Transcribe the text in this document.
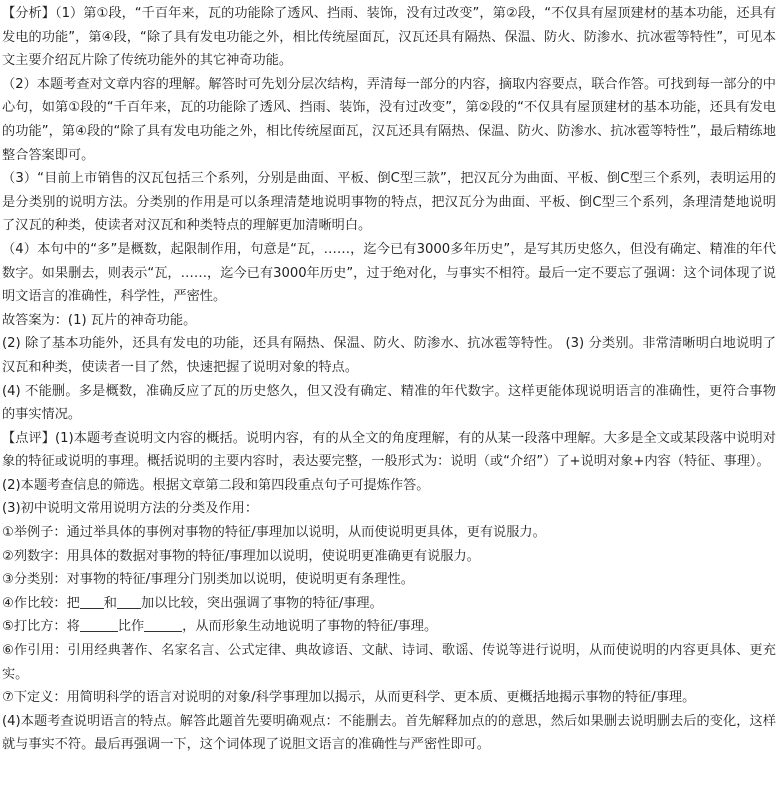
【分析】（1）第①段，“千百年来，瓦的功能除了透风、挡雨、装饰，没有过改变”，第②段，“不仅具有屋顶建材的基本功能，还具有发电的功能”，第④段，“除了具有发电功能之外，相比传统屋面瓦，汉瓦还具有隔热、保温、防火、防渗水、抗冰雹等特性”，可见本文主要介绍瓦片除了传统功能外的其它神奇功能。

（2）本题考查对文章内容的理解。解答时可先划分层次结构，弄清每一部分的内容，摘取内容要点，联合作答。可找到每一部分的中心句，如第①段的“千百年来，瓦的功能除了透风、挡雨、装饰，没有过改变”，第②段的“不仅具有屋顶建材的基本功能，还具有发电的功能”，第④段的“除了具有发电功能之外，相比传统屋面瓦，汉瓦还具有隔热、保温、防火、防渗水、抗冰雹等特性”，最后精练地整合答案即可。

（3）“目前上市销售的汉瓦包括三个系列，分别是曲面、平板、倒C型三款”，把汉瓦分为曲面、平板、倒C型三个系列，表明运用的是分类别的说明方法。分类别的作用是可以条理清楚地说明事物的特点，把汉瓦分为曲面、平板、倒C型三个系列，条理清楚地说明了汉瓦的种类，使读者对汉瓦和种类特点的理解更加清晰明白。

（4）本句中的“多”是概数，起限制作用，句意是“瓦，……，迄今已有3000多年历史”，是写其历史悠久，但没有确定、精准的年代数字。如果删去，则表示“瓦，……，迄今已有3000年历史”，过于绝对化，与事实不相符。最后一定不要忘了强调：这个词体现了说明文语言的准确性，科学性，严密性。

故答案为：(1) 瓦片的神奇功能。

(2) 除了基本功能外，还具有发电的功能，还具有隔热、保温、防火、防渗水、抗冰雹等特性。 (3) 分类别。非常清晰明白地说明了汉瓦和种类，使读者一目了然，快速把握了说明对象的特点。

(4) 不能删。多是概数，准确反应了瓦的历史悠久，但又没有确定、精准的年代数字。这样更能体现说明语言的准确性，更符合事物的事实情况。

【点评】(1)本题考查说明文内容的概括。说明内容，有的从全文的角度理解，有的从某一段落中理解。大多是全文或某段落中说明对象的特征或说明的事理。概括说明的主要内容时，表达要完整，一般形式为：说明（或“介绍”）了+说明对象+内容（特征、事理）。

(2)本题考查信息的筛选。根据文章第二段和第四段重点句子可提炼作答。

(3)初中说明文常用说明方法的分类及作用：

①举例子：通过举具体的事例对事物的特征/事理加以说明，从而使说明更具体，更有说服力。

②列数字：用具体的数据对事物的特征/事理加以说明，使说明更准确更有说服力。

③分类别：对事物的特征/事理分门别类加以说明，使说明更有条理性。

④作比较：把 和 加以比较，突出强调了事物的特征/事理。

⑤打比方：将	比作	，从而形象生动地说明了事物的特征/事理。

⑥作引用：引用经典著作、名家名言、公式定律、典故谚语、文献、诗词、歌谣、传说等进行说明，从而使说明的内容更具体、更充实。

⑦下定义：用简明科学的语言对说明的对象/科学事理加以揭示，从而更科学、更本质、更概括地揭示事物的特征/事理。

(4)本题考查说明语言的特点。解答此题首先要明确观点：不能删去。首先解释加点的的意思，然后如果删去说明删去后的变化，这样就与事实不符。最后再强调一下，这个词体现了说胆文语言的准确性与严密性即可。
